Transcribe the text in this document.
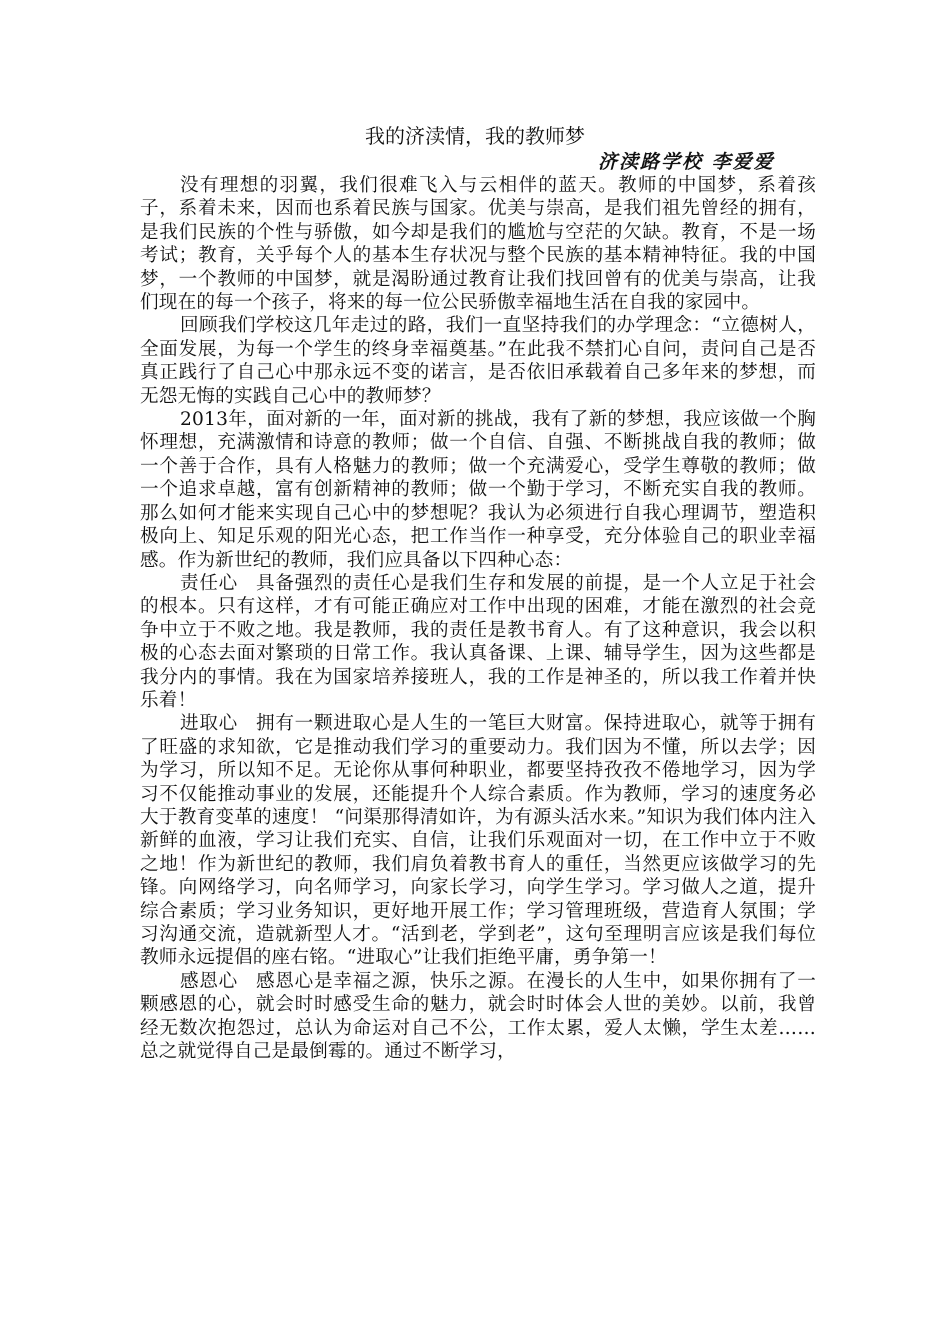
我的济渎情，我的教师梦

济渎路学校 李爱爱

没有理想的羽翼，我们很难飞入与云相伴的蓝天。教师的中国梦，系着孩子，系着未来，因而也系着民族与国家。优美与崇高，是我们祖先曾经的拥有，是我们民族的个性与骄傲，如今却是我们的尴尬与空茫的欠缺。教育，不是一场考试；教育，关乎每个人的基本生存状况与整个民族的基本精神特征。我的中国梦，一个教师的中国梦，就是渴盼通过教育让我们找回曾有的优美与崇高，让我们现在的每一个孩子，将来的每一位公民骄傲幸福地生活在自我的家园中。

回顾我们学校这几年走过的路，我们一直坚持我们的办学理念：“立德树人，全面发展，为每一个学生的终身幸福奠基。”在此我不禁扪心自问，责问自己是否真正践行了自己心中那永远不变的诺言，是否依旧承载着自己多年来的梦想，而无怨无悔的实践自己心中的教师梦？

2013年，面对新的一年，面对新的挑战，我有了新的梦想，我应该做一个胸怀理想，充满激情和诗意的教师；做一个自信、自强、不断挑战自我的教师；做一个善于合作，具有人格魅力的教师；做一个充满爱心，受学生尊敬的教师；做一个追求卓越，富有创新精神的教师；做一个勤于学习，不断充实自我的教师。那么如何才能来实现自己心中的梦想呢？我认为必须进行自我心理调节，塑造积极向上、知足乐观的阳光心态，把工作当作一种享受，充分体验自己的职业幸福感。作为新世纪的教师，我们应具备以下四种心态：

责任心 具备强烈的责任心是我们生存和发展的前提，是一个人立足于社会的根本。只有这样，才有可能正确应对工作中出现的困难，才能在激烈的社会竞争中立于不败之地。我是教师，我的责任是教书育人。有了这种意识，我会以积极的心态去面对繁琐的日常工作。我认真备课、上课、辅导学生，因为这些都是我分内的事情。我在为国家培养接班人，我的工作是神圣的，所以我工作着并快乐着！

进取心 拥有一颗进取心是人生的一笔巨大财富。保持进取心，就等于拥有了旺盛的求知欲，它是推动我们学习的重要动力。我们因为不懂，所以去学；因为学习，所以知不足。无论你从事何种职业，都要坚持孜孜不倦地学习，因为学习不仅能推动事业的发展，还能提升个人综合素质。作为教师，学习的速度务必大于教育变革的速度！ “问渠那得清如许，为有源头活水来。”知识为我们体内注入新鲜的血液，学习让我们充实、自信，让我们乐观面对一切，在工作中立于不败之地！作为新世纪的教师，我们肩负着教书育人的重任，当然更应该做学习的先锋。向网络学习，向名师学习，向家长学习，向学生学习。学习做人之道，提升综合素质；学习业务知识，更好地开展工作；学习管理班级，营造育人氛围；学习沟通交流，造就新型人才。“活到老，学到老”，这句至理明言应该是我们每位教师永远提倡的座右铭。“进取心”让我们拒绝平庸，勇争第一！

感恩心 感恩心是幸福之源，快乐之源。在漫长的人生中，如果你拥有了一颗感恩的心，就会时时感受生命的魅力，就会时时体会人世的美妙。以前，我曾经无数次抱怨过，总认为命运对自己不公，工作太累，爱人太懒，学生太差……总之就觉得自己是最倒霉的。通过不断学习，
